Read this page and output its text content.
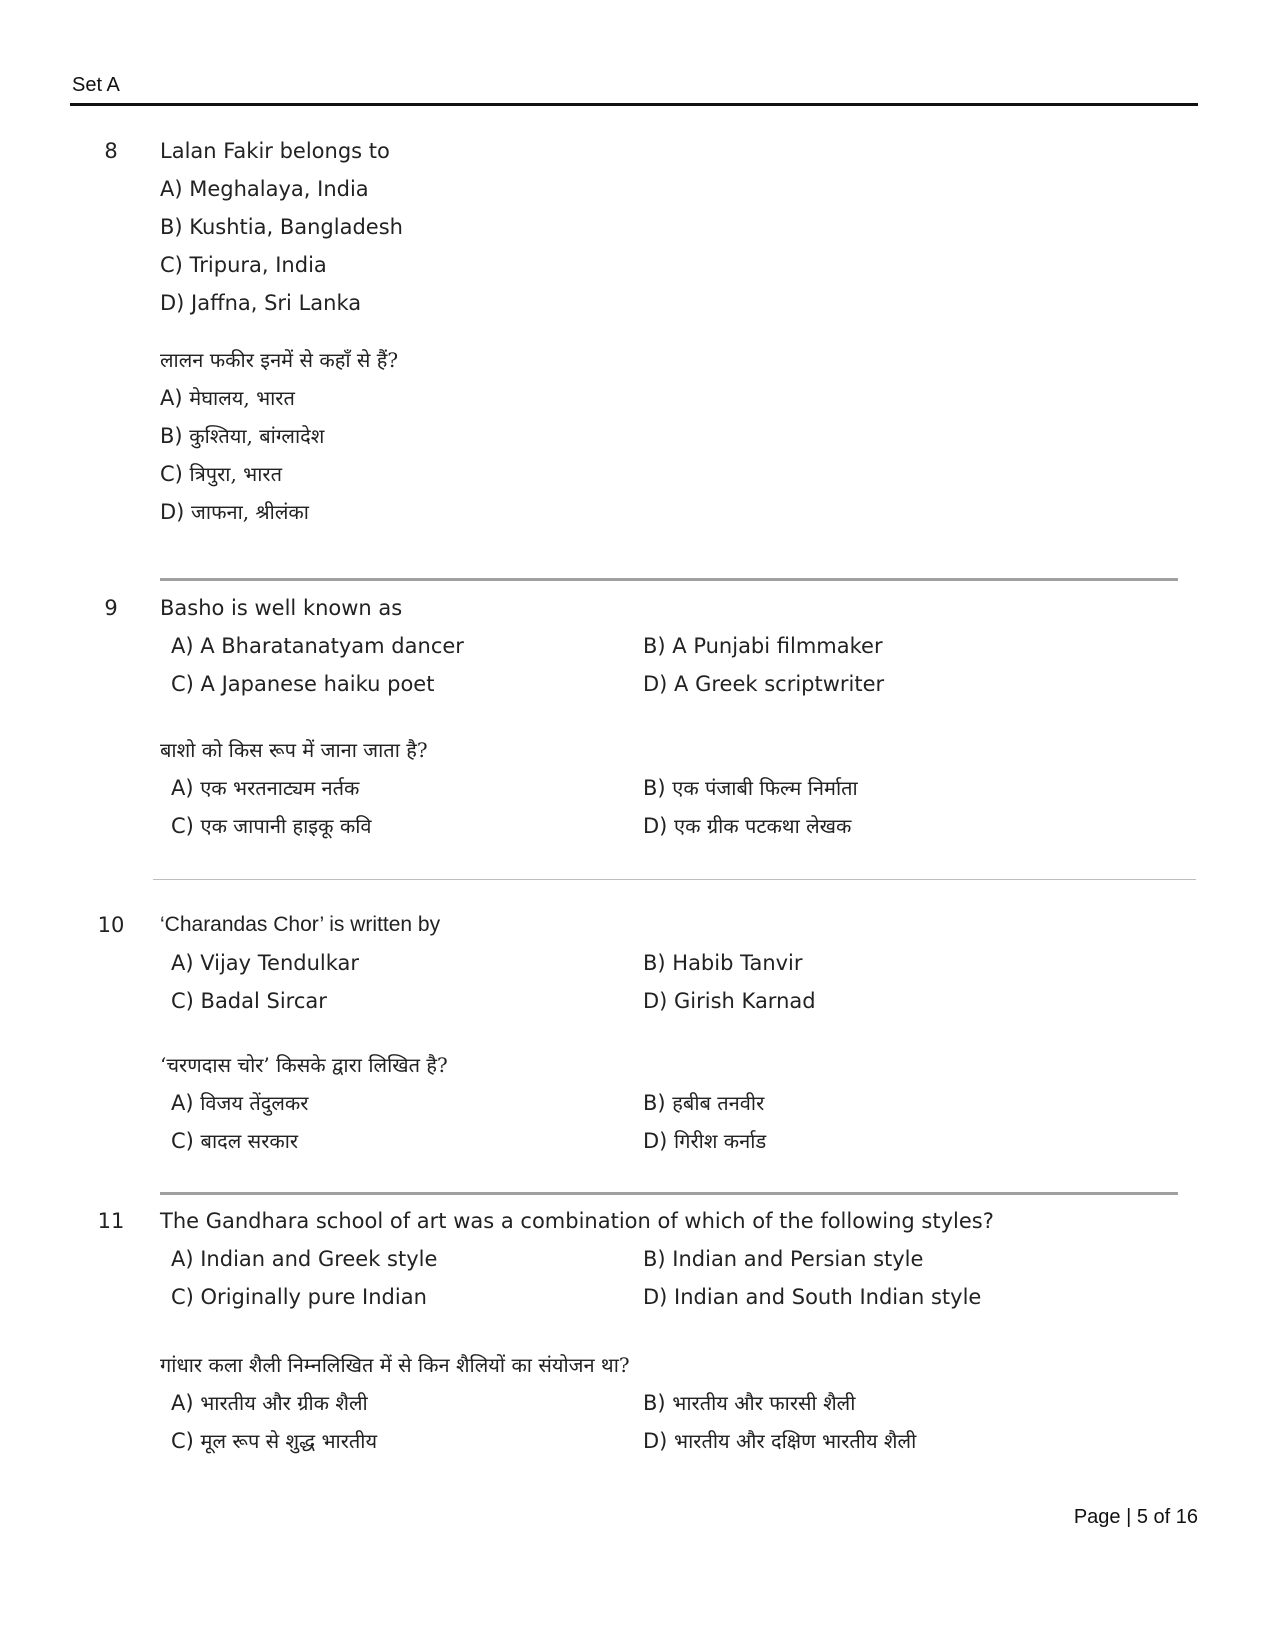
Set A
8	Lalan Fakir belongs to
A) Meghalaya, India
B) Kushtia, Bangladesh
C) Tripura, India
D) Jaffna, Sri Lanka
लालन फकीर इनमें से कहाँ से हैं?
A) मेघालय, भारत
B) कुश्तिया, बांग्लादेश
C) त्रिपुरा, भारत
D) जाफना, श्रीलंका
9	Basho is well known as
A) A Bharatanatyam dancer	B) A Punjabi filmmaker
C) A Japanese haiku poet	D) A Greek scriptwriter
बाशो को किस रूप में जाना जाता है?
A) एक भरतनाट्यम नर्तक	B) एक पंजाबी फिल्म निर्माता
C) एक जापानी हाइकू कवि	D) एक ग्रीक पटकथा लेखक
10	‘Charandas Chor’ is written by
A) Vijay Tendulkar	B) Habib Tanvir
C) Badal Sircar	D) Girish Karnad
‘चरणदास चोर’ किसके द्वारा लिखित है?
A) विजय तेंदुलकर	B) हबीब तनवीर
C) बादल सरकार	D) गिरीश कर्नाड
11	The Gandhara school of art was a combination of which of the following styles?
A) Indian and Greek style	B) Indian and Persian style
C) Originally pure Indian	D) Indian and South Indian style
गांधार कला शैली निम्नलिखित में से किन शैलियों का संयोजन था?
A) भारतीय और ग्रीक शैली	B) भारतीय और फारसी शैली
C) मूल रूप से शुद्ध भारतीय	D) भारतीय और दक्षिण भारतीय शैली
Page | 5 of 16
